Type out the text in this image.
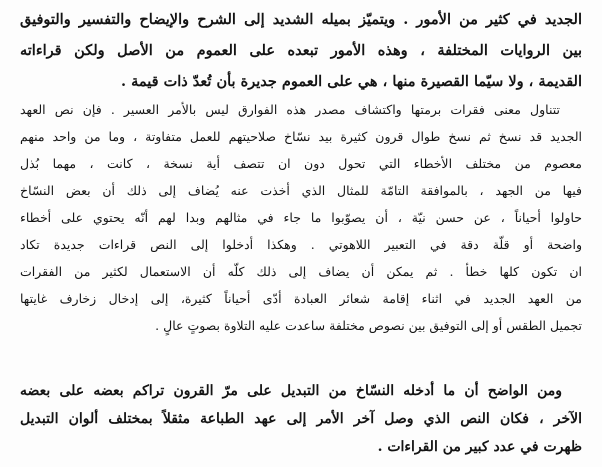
الجديد في كثير من الأمور . ويتميّز بميله الشديد إلى الشرح والإيضاح والتفسير والتوفيق
بين الروايات المختلفة ، وهذه الأمور تبعده على العموم من الأصل ولكن قراءاته
القديمة ، ولا سيّما القصيرة منها ، هي على العموم جديرة بأن تُعدّ ذات قيمة .
تتناول معنى فقرات برمتها واكتشاف مصدر هذه الفوارق ليس بالأمر العسير . فإن نص العهد
الجديد قد نسخ ثم نسخ طوال قرون كثيرة بيد نسّاخ صلاحيتهم للعمل متفاوتة ، وما من واحد منهم
معصوم من مختلف الأخطاء التي تحول دون ان تتصف أية نسخة ، كانت ، مهما بُذل
فيها من الجهد ، بالموافقة التامّة للمثال الذي أخذت عنه يُضاف إلى ذلك أن بعض النسّاخ
حاولوا أحياناً ، عن حسن نيّة ، أن يصوّبوا ما جاء في مثالهم وبدا لهم أنّه يحتوي على أخطاء
واضحة أو قلّة دقة في التعبير اللاهوتي . وهكذا أدخلوا إلى النص قراءات جديدة تكاد
ان تكون كلها خطأ . ثم يمكن أن يضاف إلى ذلك كلّه أن الاستعمال لكثير من الفقرات
من العهد الجديد في اثناء إقامة شعائر العبادة أدّى أحياناً كثيرة، إلى إدخال زخارف غايتها
تجميل الطقس أو إلى التوفيق بين نصوص مختلفة ساعدت عليه التلاوة بصوتٍ عالٍ .
ومن الواضح أن ما أدخله النسّاخ من التبديل على مرّ القرون تراكم بعضه على بعضه
الآخر ، فكان النص الذي وصل آخر الأمر إلى عهد الطباعة مثقلاً بمختلف ألوان التبديل
ظهرت في عدد كبير من القراءات .
